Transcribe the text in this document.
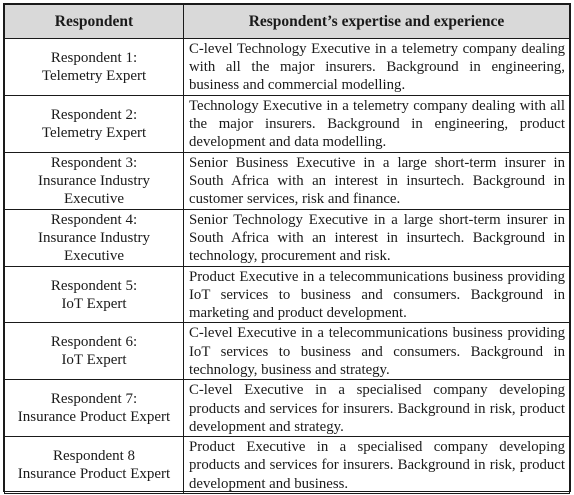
Respondent	Respondent’s expertise and experience

Respondent 1:
Telemetry Expert	C-level Technology Executive in a telemetry company dealing with all the major insurers. Background in engineering, business and commercial modelling.

Respondent 2:
Telemetry Expert	Technology Executive in a telemetry company dealing with all the major insurers. Background in engineering, product development and data modelling.

Respondent 3:
Insurance Industry
Executive	Senior Business Executive in a large short-term insurer in South Africa with an interest in insurtech. Background in customer services, risk and finance.

Respondent 4:
Insurance Industry
Executive	Senior Technology Executive in a large short-term insurer in South Africa with an interest in insurtech. Background in technology, procurement and risk.

Respondent 5:
IoT Expert	Product Executive in a telecommunications business providing IoT services to business and consumers. Background in marketing and product development.

Respondent 6:
IoT Expert	C-level Executive in a telecommunications business providing IoT services to business and consumers. Background in technology, business and strategy.

Respondent 7:
Insurance Product Expert	C-level Executive in a specialised company developing products and services for insurers. Background in risk, product development and strategy.

Respondent 8
Insurance Product Expert	Product Executive in a specialised company developing products and services for insurers. Background in risk, product development and business.
